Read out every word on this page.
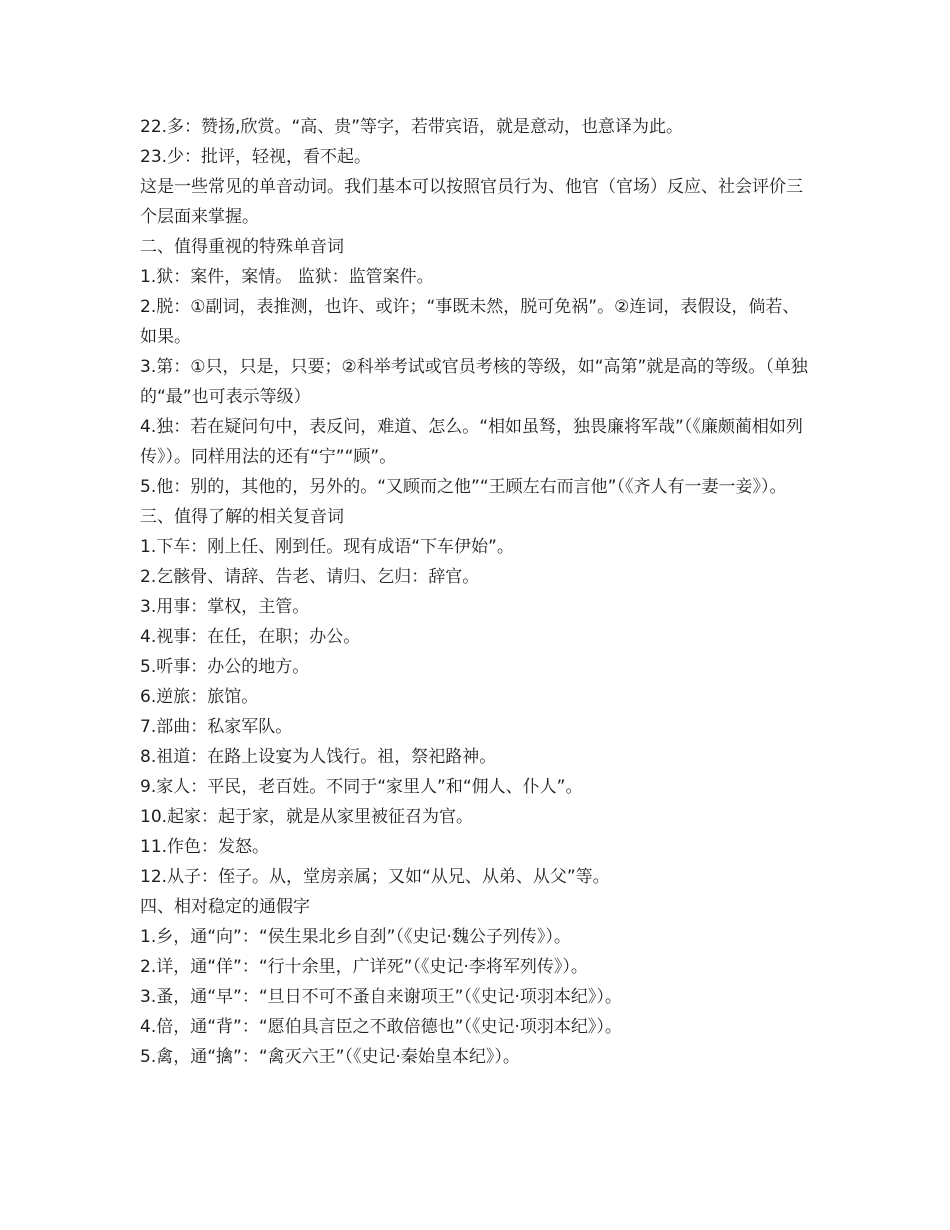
22.多：赞扬,欣赏。“高、贵”等字，若带宾语，就是意动，也意译为此。
23.少：批评，轻视，看不起。
这是一些常见的单音动词。我们基本可以按照官员行为、他官（官场）反应、社会评价三个层面来掌握。
二、值得重视的特殊单音词
1.狱：案件，案情。 监狱：监管案件。
2.脱：①副词，表推测，也许、或许；“事既未然，脱可免祸”。②连词，表假设，倘若、如果。
3.第：①只，只是，只要；②科举考试或官员考核的等级，如“高第”就是高的等级。（单独的“最”也可表示等级）
4.独：若在疑问句中，表反问，难道、怎么。“相如虽驽，独畏廉将军哉”（《廉颇蔺相如列传》）。同样用法的还有“宁”“顾”。
5.他：别的，其他的，另外的。“又顾而之他”“王顾左右而言他”（《齐人有一妻一妾》）。
三、值得了解的相关复音词
1.下车：刚上任、刚到任。现有成语“下车伊始”。
2.乞骸骨、请辞、告老、请归、乞归：辞官。
3.用事：掌权，主管。
4.视事：在任，在职；办公。
5.听事：办公的地方。
6.逆旅：旅馆。
7.部曲：私家军队。
8.祖道：在路上设宴为人饯行。祖，祭祀路神。
9.家人：平民，老百姓。不同于“家里人”和“佣人、仆人”。
10.起家：起于家，就是从家里被征召为官。
11.作色：发怒。
12.从子：侄子。从，堂房亲属；又如“从兄、从弟、从父”等。
四、相对稳定的通假字
1.乡，通“向”：“侯生果北乡自刭”（《史记·魏公子列传》）。
2.详，通“佯”：“行十余里，广详死”（《史记·李将军列传》）。
3.蚤，通“早”：“旦日不可不蚤自来谢项王”（《史记·项羽本纪》）。
4.倍，通“背”：“愿伯具言臣之不敢倍德也”（《史记·项羽本纪》）。
5.禽，通“擒”：“禽灭六王”（《史记·秦始皇本纪》）。
